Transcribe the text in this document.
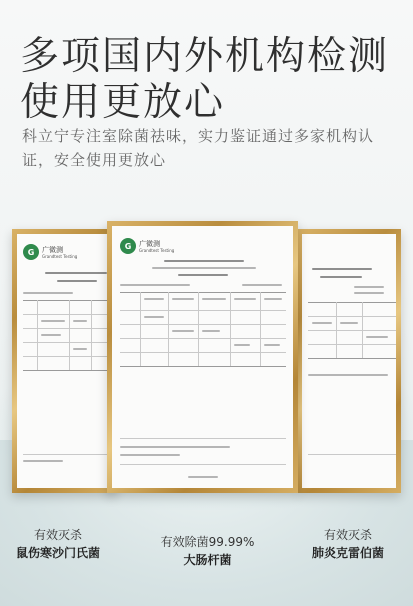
多项国内外机构检测
使用更放心

科立宁专注室除菌祛味，实力鉴证通过多家机构认证，安全使用更放心

G	广微测
Grandtest Testing
G	广微测
Grandtest Testing
有效灭杀
鼠伤寒沙门氏菌
有效除菌99.99%
大肠杆菌
有效灭杀
肺炎克雷伯菌
